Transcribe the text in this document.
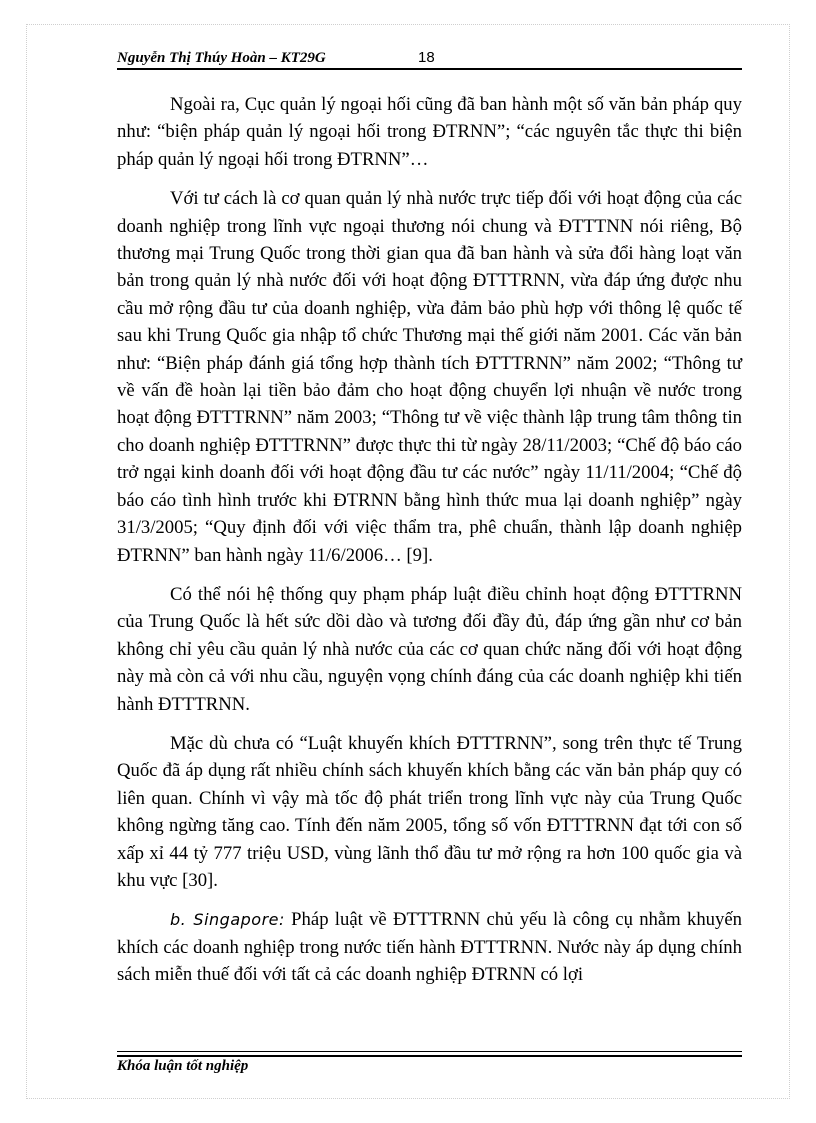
Nguyễn Thị Thúy Hoàn – KT29G	18

Ngoài ra, Cục quản lý ngoại hối cũng đã ban hành một số văn bản pháp quy như: “biện pháp quản lý ngoại hối trong ĐTRNN”; “các nguyên tắc thực thi biện pháp quản lý ngoại hối trong ĐTRNN”…

Với tư cách là cơ quan quản lý nhà nước trực tiếp đối với hoạt động của các doanh nghiệp trong lĩnh vực ngoại thương nói chung và ĐTTTNN nói riêng, Bộ thương mại Trung Quốc trong thời gian qua đã ban hành và sửa đổi hàng loạt văn bản trong quản lý nhà nước đối với hoạt động ĐTTTRNN, vừa đáp ứng được nhu cầu mở rộng đầu tư của doanh nghiệp, vừa đảm bảo phù hợp với thông lệ quốc tế sau khi Trung Quốc gia nhập tổ chức Thương mại thế giới năm 2001. Các văn bản như: “Biện pháp đánh giá tổng hợp thành tích ĐTTTRNN” năm 2002; “Thông tư về vấn đề hoàn lại tiền bảo đảm cho hoạt động chuyển lợi nhuận về nước trong hoạt động ĐTTTRNN” năm 2003; “Thông tư về việc thành lập trung tâm thông tin cho doanh nghiệp ĐTTTRNN” được thực thi từ ngày 28/11/2003; “Chế độ báo cáo trở ngại kinh doanh đối với hoạt động đầu tư các nước” ngày 11/11/2004; “Chế độ báo cáo tình hình trước khi ĐTRNN bằng hình thức mua lại doanh nghiệp” ngày 31/3/2005; “Quy định đối với việc thẩm tra, phê chuẩn, thành lập doanh nghiệp ĐTRNN” ban hành ngày 11/6/2006… [9].

Có thể nói hệ thống quy phạm pháp luật điều chỉnh hoạt động ĐTTTRNN của Trung Quốc là hết sức dồi dào và tương đối đầy đủ, đáp ứng gần như cơ bản không chỉ yêu cầu quản lý nhà nước của các cơ quan chức năng đối với hoạt động này mà còn cả với nhu cầu, nguyện vọng chính đáng của các doanh nghiệp khi tiến hành ĐTTTRNN.

Mặc dù chưa có “Luật khuyến khích ĐTTTRNN”, song trên thực tế Trung Quốc đã áp dụng rất nhiều chính sách khuyến khích bằng các văn bản pháp quy có liên quan. Chính vì vậy mà tốc độ phát triển trong lĩnh vực này của Trung Quốc không ngừng tăng cao. Tính đến năm 2005, tổng số vốn ĐTTTRNN đạt tới con số xấp xỉ 44 tỷ 777 triệu USD, vùng lãnh thổ đầu tư mở rộng ra hơn 100 quốc gia và khu vực [30].

b. Singapore: Pháp luật về ĐTTTRNN chủ yếu là công cụ nhằm khuyến khích các doanh nghiệp trong nước tiến hành ĐTTTRNN. Nước này áp dụng chính sách miễn thuế đối với tất cả các doanh nghiệp ĐTRNN có lợi

Khóa luận tốt nghiệp
